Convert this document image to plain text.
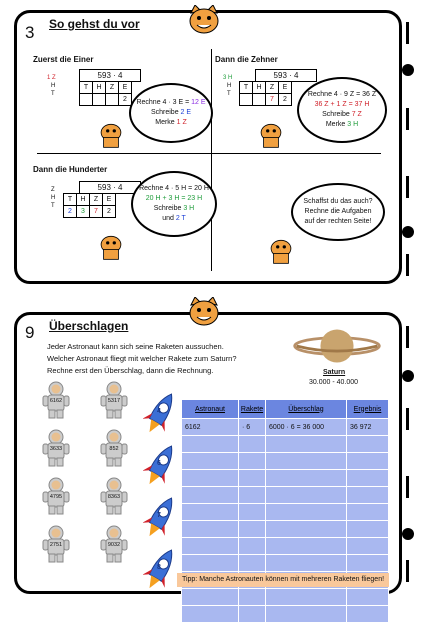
3 So gehst du vor
Zuerst die Einer
593 · 4
1 Z
H
T
T	H	Z	E
			2 Rechne 4 · 3 E = 12 E
Schreibe 2 E
Merke 1 Z
Dann die Zehner
593 · 4
3 H
H
T
T	H	Z	E
		7	2
Rechne 4 · 9 Z = 36 Z
36 Z + 1 Z = 37 H
Schreibe 7 Z
Merke 3 H
Dann die Hunderter
593 · 4
Z
H
T
T	H	Z	E
2	3	7	2
Rechne 4 · 5 H = 20 H
20 H + 3 H = 23 H
Schreibe 3 H
und 2 T
Schaffst du das auch?
Rechne die Aufgaben
auf der rechten Seite!
9 Überschlagen
Jeder Astronaut kann sich seine Raketen aussuchen.
Welcher Astronaut fliegt mit welcher Rakete zum Saturn?
Rechne erst den Überschlag, dann die Rechnung.	Saturn
30.000 - 40.000
6162	5317
3633	852
4795	8363
2751	9032
4
6
7
8
Astronaut	Rakete	Überschlag	Ergebnis
6162	· 6	6000 · 6 = 36 000	36 972

Tipp: Manche Astronauten können mit mehreren Raketen fliegen!
